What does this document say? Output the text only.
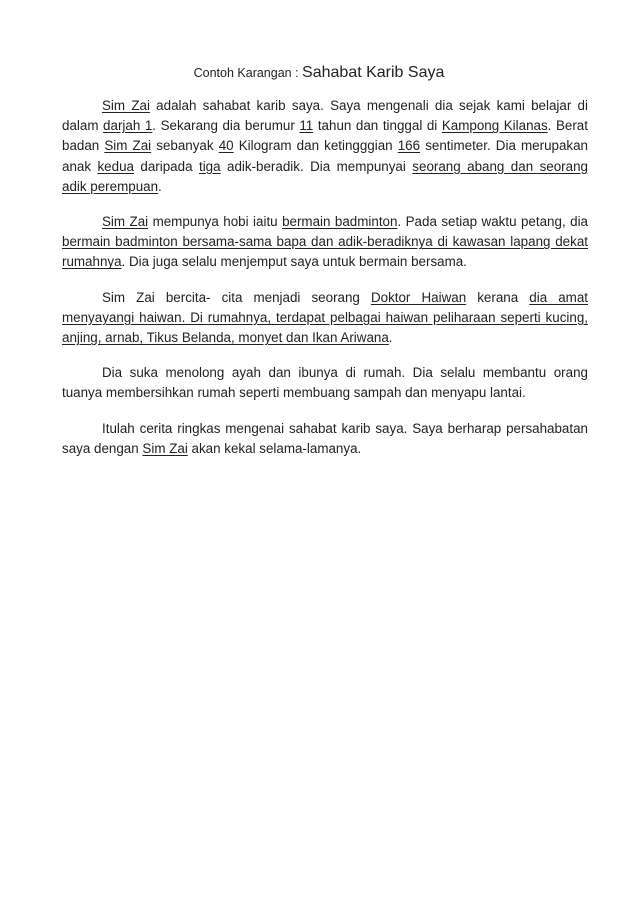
Contoh Karangan : Sahabat Karib Saya

Sim Zai adalah sahabat karib saya. Saya mengenali dia sejak kami belajar di dalam darjah 1. Sekarang dia berumur 11 tahun dan tinggal di Kampong Kilanas. Berat badan Sim Zai sebanyak 40 Kilogram dan ketingggian 166 sentimeter. Dia merupakan anak kedua daripada tiga adik-beradik. Dia mempunyai seorang abang dan seorang adik perempuan.

Sim Zai mempunya hobi iaitu bermain badminton. Pada setiap waktu petang, dia bermain badminton bersama-sama bapa dan adik-beradiknya di kawasan lapang dekat rumahnya. Dia juga selalu menjemput saya untuk bermain bersama.

Sim Zai bercita- cita menjadi seorang Doktor Haiwan kerana dia amat menyayangi haiwan. Di rumahnya, terdapat pelbagai haiwan peliharaan seperti kucing, anjing, arnab, Tikus Belanda, monyet dan Ikan Ariwana.

Dia suka menolong ayah dan ibunya di rumah. Dia selalu membantu orang tuanya membersihkan rumah seperti membuang sampah dan menyapu lantai.

Itulah cerita ringkas mengenai sahabat karib saya. Saya berharap persahabatan saya dengan Sim Zai akan kekal selama-lamanya.
